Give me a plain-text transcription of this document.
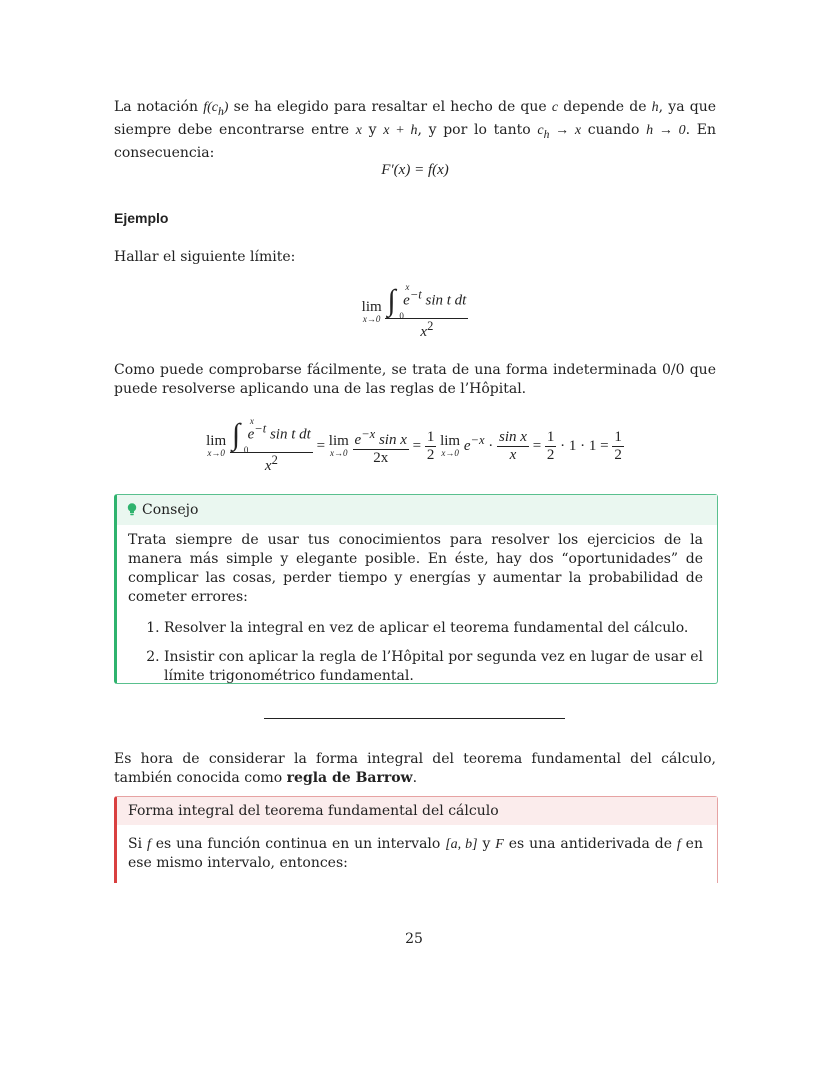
La notación $f(c_h)$ se ha elegido para resaltar el hecho de que c depende de h, ya que siempre debe encontrarse entre x y x + h, y por lo tanto $c_h \to x$ cuando h → 0. En consecuencia:

F′(x) = f(x)
Ejemplo

Hallar el siguiente límite:

lim
x→0
∫ x
0
$e^{-t}$ sin t dt
$x^2$

Como puede comprobarse fácilmente, se trata de una forma indeterminada 0/0 que puede resolverse aplicando una de las reglas de l’Hôpital.

lim
x→0
∫ x
0
$e^{-t}$ sin t dt
$x^2 = \lim$
x→0
$\frac{e^{-x} \sin x}{2x} = \frac{1}{2}$ lim
x→0 $e^{-x} \cdot \frac{\text{sin x}}{x} = \frac{1}{2} \cdot 1 \cdot 1 = \frac{1}{2}$
Consejo
Trata siempre de usar tus conocimientos para resolver los ejercicios de la manera más simple y elegante posible. En éste, hay dos “oportunidades” de complicar las cosas, perder tiempo y energías y aumentar la probabilidad de cometer errores:
1. Resolver la integral en vez de aplicar el teorema fundamental del cálculo.
2. Insistir con aplicar la regla de l’Hôpital por segunda vez en lugar de usar el límite trigonométrico fundamental.

Es hora de considerar la forma integral del teorema fundamental del cálculo, también conocida como regla de Barrow.

Forma integral del teorema fundamental del cálculo
Si f es una función continua en un intervalo [a, b] y F es una antiderivada de f en ese mismo intervalo, entonces:
25
